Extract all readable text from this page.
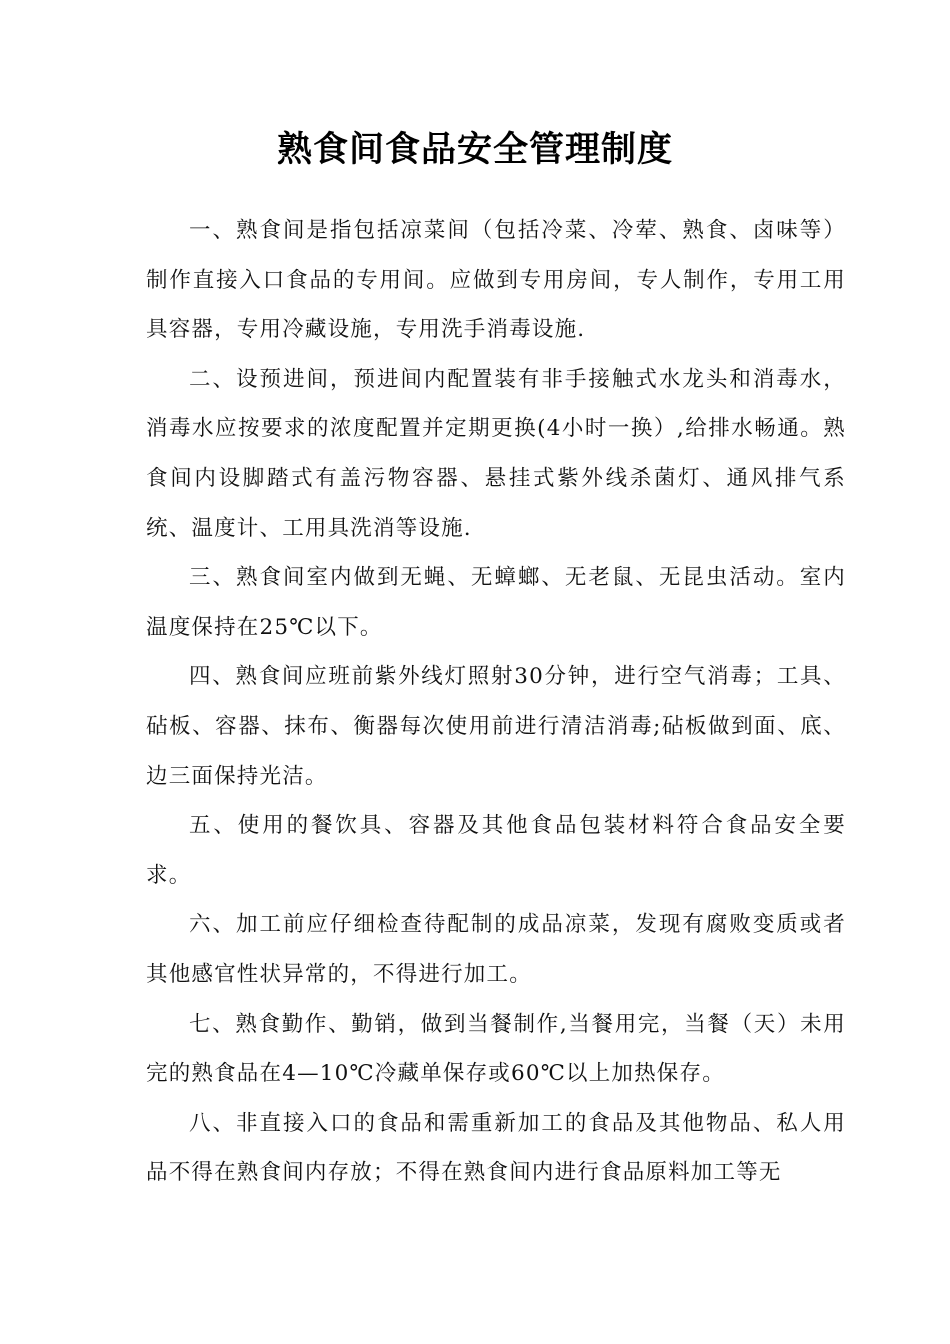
熟食间食品安全管理制度

一、熟食间是指包括凉菜间（包括冷菜、冷荤、熟食、卤味等）制作直接入口食品的专用间。应做到专用房间，专人制作，专用工用具容器，专用冷藏设施，专用洗手消毒设施.

二、设预进间，预进间内配置装有非手接触式水龙头和消毒水，消毒水应按要求的浓度配置并定期更换(4小时一换）,给排水畅通。熟食间内设脚踏式有盖污物容器、悬挂式紫外线杀菌灯、通风排气系统、温度计、工用具洗消等设施.

三、熟食间室内做到无蝇、无蟑螂、无老鼠、无昆虫活动。室内温度保持在25℃以下。

四、熟食间应班前紫外线灯照射30分钟，进行空气消毒；工具、砧板、容器、抹布、衡器每次使用前进行清洁消毒;砧板做到面、底、边三面保持光洁。

五、使用的餐饮具、容器及其他食品包装材料符合食品安全要求。

六、加工前应仔细检查待配制的成品凉菜，发现有腐败变质或者其他感官性状异常的，不得进行加工。

七、熟食勤作、勤销，做到当餐制作,当餐用完，当餐（天）未用完的熟食品在4—10℃冷藏单保存或60℃以上加热保存。

八、非直接入口的食品和需重新加工的食品及其他物品、私人用品不得在熟食间内存放；不得在熟食间内进行食品原料加工等无
